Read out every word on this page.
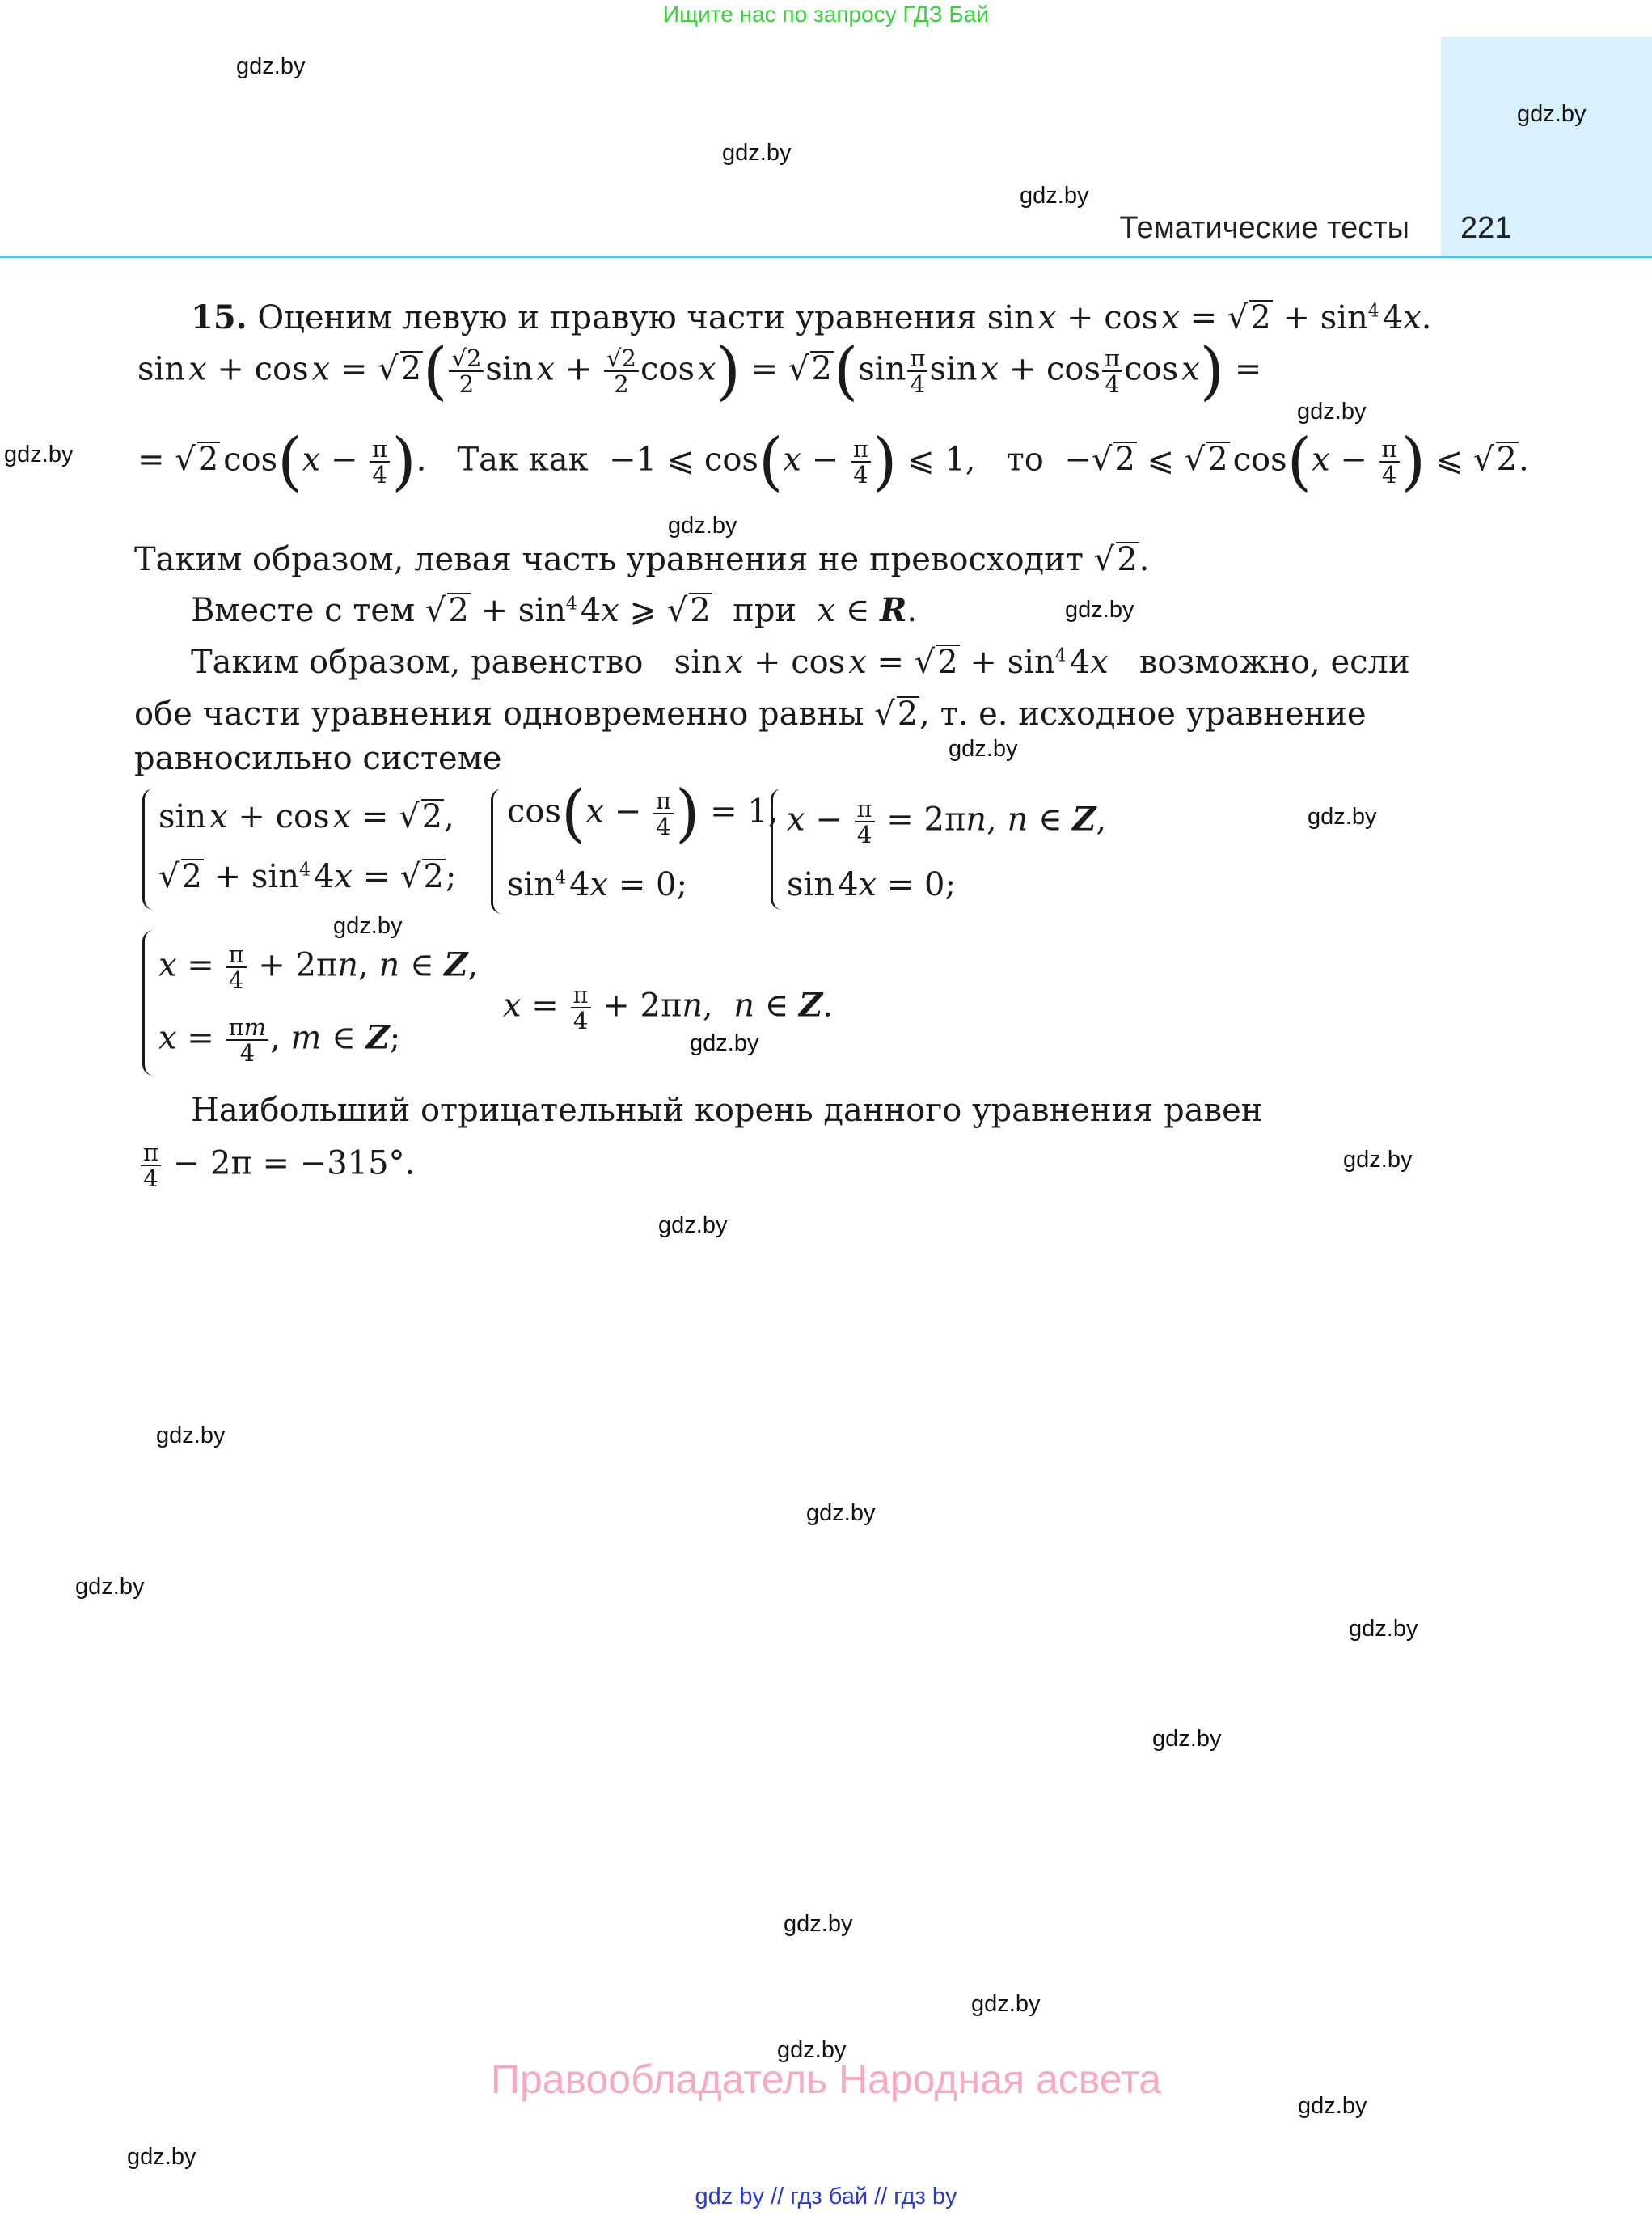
Ищите нас по запросу ГДЗ Бай
Тематические тесты 221
gdz.by
gdz.by
gdz.by
gdz.by
gdz.by
gdz.by
gdz.by
gdz.by
gdz.by
gdz.by
gdz.by
gdz.by
gdz.by
gdz.by
gdz.by
gdz.by
gdz.by
gdz.by
gdz.by
gdz.by
gdz.by
gdz.by
gdz.by
gdz.by
15. Оценим левую и правую части уравнения sin x + cos $x = √2 + \sin^4$ 4x.
sin x + cos $x = √2( \frac{√2}{2}$ sin $x + \frac{√2}{2}$ cos $x) = √2(\sin \frac{\pi}{4}$ sin $x + \cos \frac{\pi}{4}$ cos x) =
= √2 $\cos(x - \frac{\pi}{4}$ ).   Так как  −1 ⩽ $\cos(x - \frac{\pi}{4}$ ) ⩽ 1,   то  −√2 ⩽ √2 $\cos(x - \frac{\pi}{4}$ ) ⩽ √2.
Таким образом, левая часть уравнения не превосходит √2.
Вместе с тем $√2 + \sin^4$ 4x ⩾ √2 при x ∈ R.
Таким образом, равенство   sin x + cos $x = √2 + \sin^4$ 4x возможно, если
обе части уравнения одновременно равны √2, т. е. исходное уравнение
равносильно системе
sin x + cos x = √2,
$√2 + \sin^4$ 4x = √2;
$\cos(x - \frac{\pi}{4}$ ) = 1,
$\sin^4$ 4x = 0;
$x - \frac{\pi}{4} = 2\pi n$, n ∈ Z,
sin 4x = 0;
$x = \frac{\pi}{4} + 2\pi n$, n ∈ Z,
$x = \frac{\pi m}{4}$ , m ∈ Z;
$x = \frac{\pi}{4} + 2\pi n$,  n ∈ Z.
Наибольший отрицательный корень данного уравнения равен
$\frac{\pi}{4} - 2\pi = -315^\circ$.
Правообладатель Народная асвета
gdz by // гдз бай // гдз by
